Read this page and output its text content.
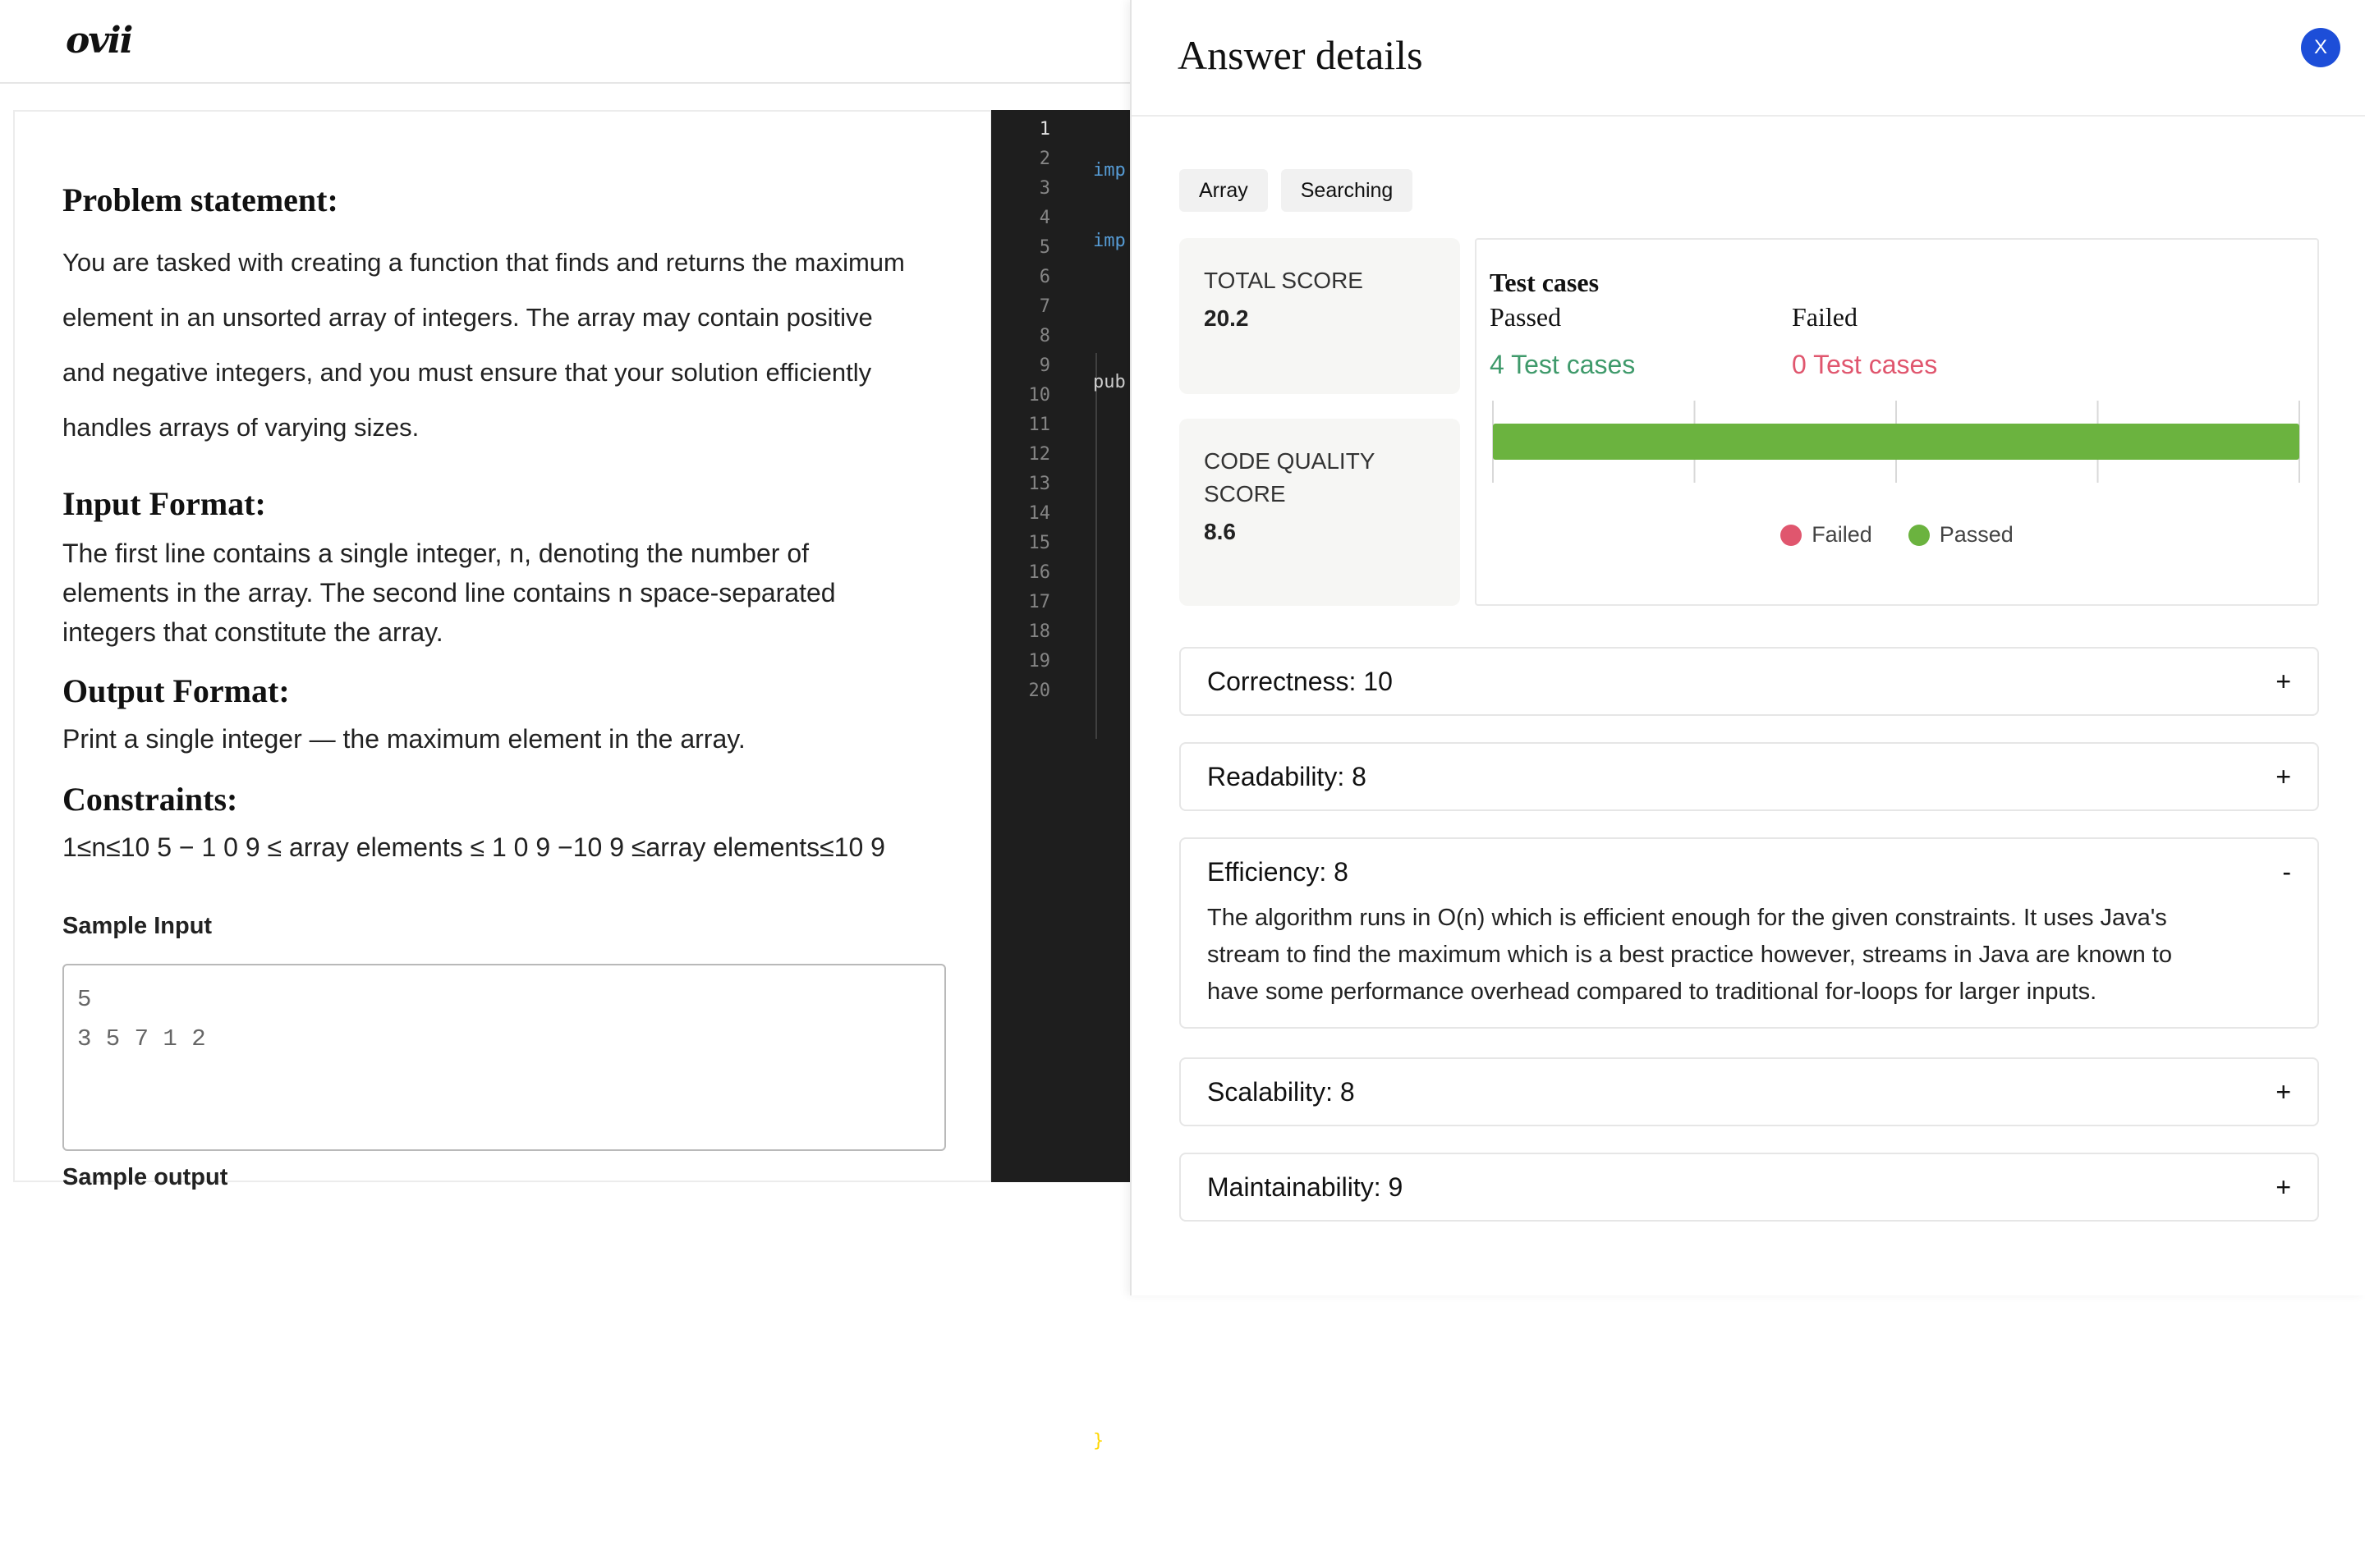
ovii
Problem statement:
You are tasked with creating a function that finds and returns the maximum
element in an unsorted array of integers. The array may contain positive
and negative integers, and you must ensure that your solution efficiently
handles arrays of varying sizes.
Input Format:
The first line contains a single integer, n, denoting the number of
elements in the array. The second line contains n space-separated
integers that constitute the array.
Output Format:
Print a single integer — the maximum element in the array.
Constraints:
1≤n≤10 5 − 1 0 9 ≤ array elements ≤ 1 0 9 −10 9 ≤array elements≤10 9
Sample Input
Sample output
5
3 5 7 1 2
1
2
3
4
5
6
7
8
9
10
11
12
13
14
15
16
17
18
19
20

imp

imp

pub

}

Answer details	X
Array	Searching
TOTAL SCORE
20.2
CODE QUALITY
SCORE
8.6
Test cases
Passed
4 Test cases
Failed
0 Test cases
Failed	Passed
Correctness: 10	+
Readability: 8	+
Efficiency: 8	-
The algorithm runs in O(n) which is efficient enough for the given constraints. It uses Java's
stream to find the maximum which is a best practice however, streams in Java are known to
have some performance overhead compared to traditional for-loops for larger inputs.
Scalability: 8	+
Maintainability: 9	+
